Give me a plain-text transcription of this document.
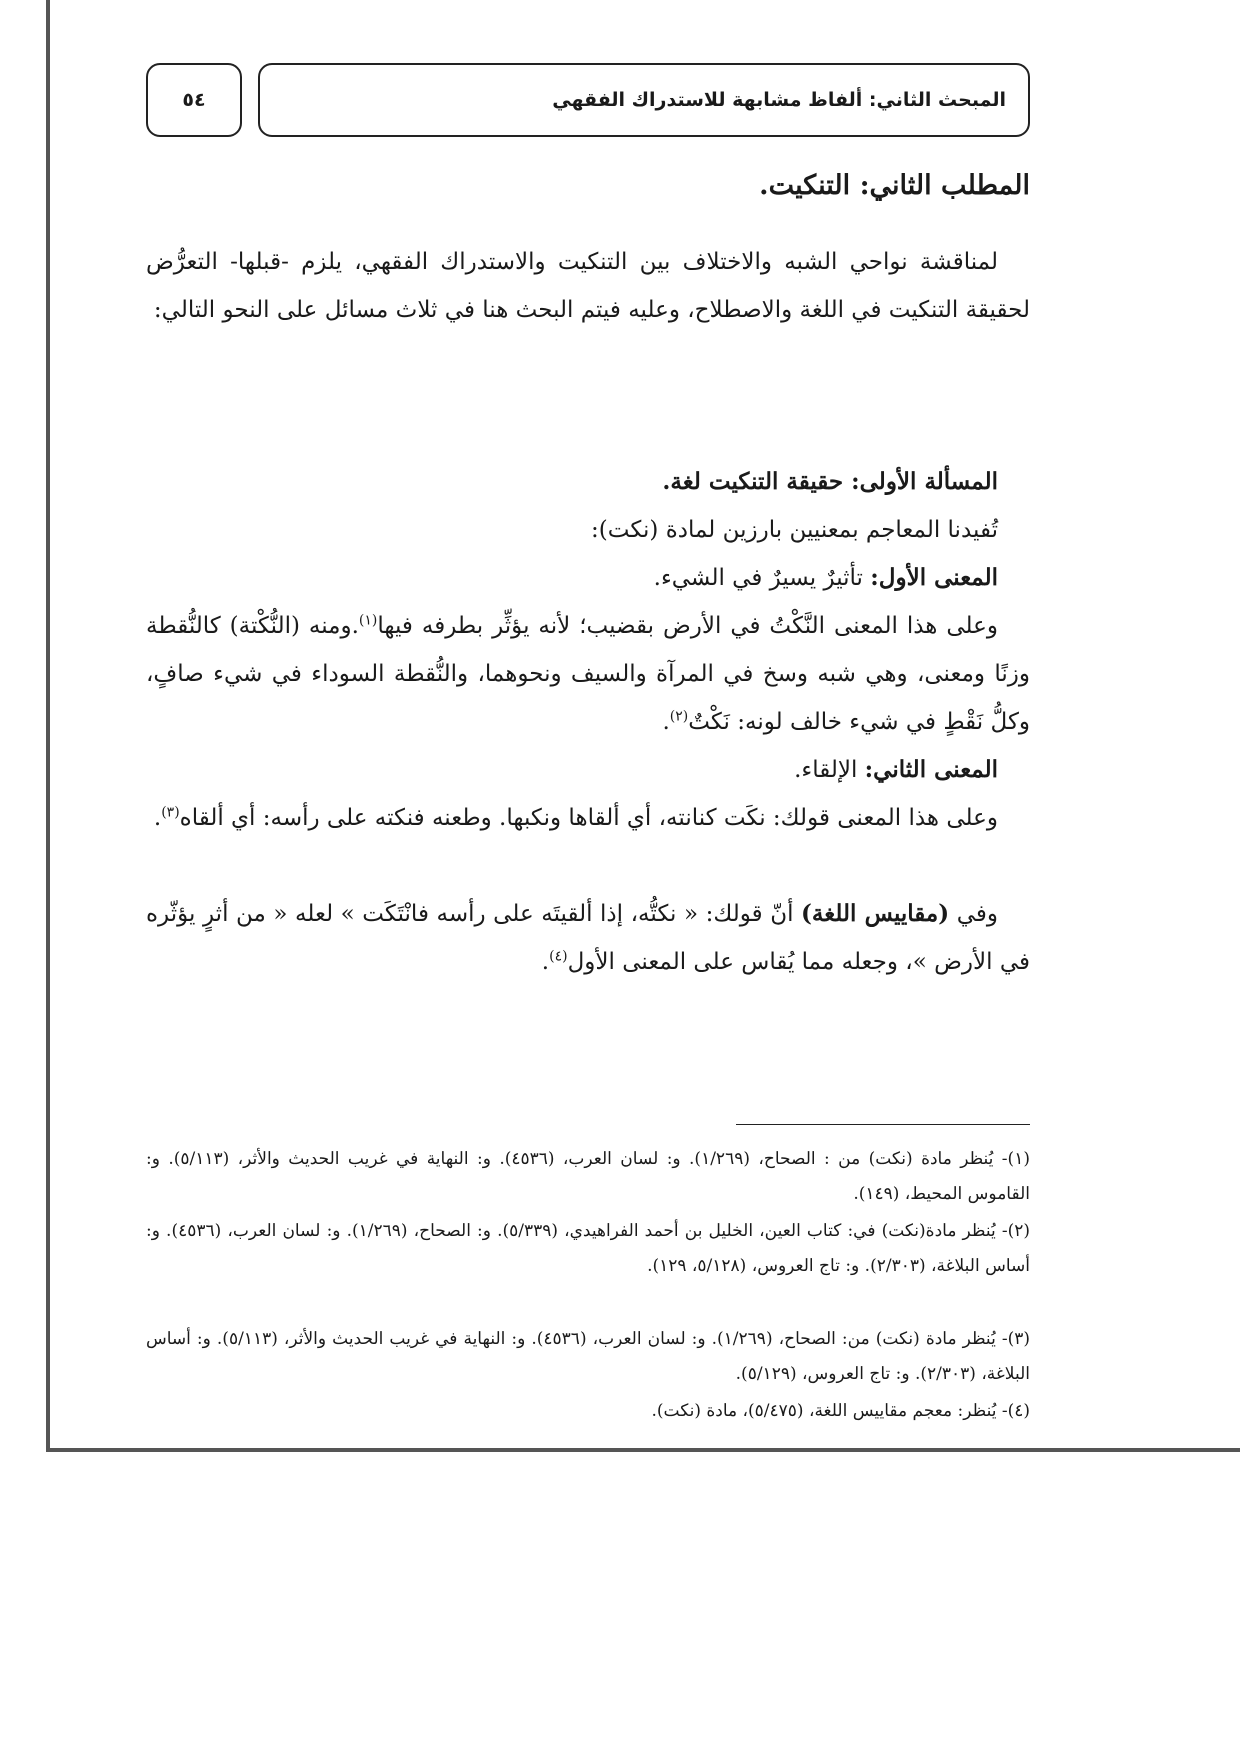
المبحث الثاني: ألفاظ مشابهة للاستدراك الفقهي
٥٤
المطلب الثاني: التنكيت.

لمناقشة نواحي الشبه والاختلاف بين التنكيت والاستدراك الفقهي، يلزم -قبلها- التعرُّض لحقيقة التنكيت في اللغة والاصطلاح، وعليه فيتم البحث هنا في ثلاث مسائل على النحو التالي:

المسألة الأولى: حقيقة التنكيت لغة.

تُفيدنا المعاجم بمعنيين بارزين لمادة (نكت):

المعنى الأول: تأثيرٌ يسيرٌ في الشيء.

وعلى هذا المعنى النَّكْتُ في الأرض بقضيب؛ لأنه يؤثِّر بطرفه فيها$^{(١)}$.ومنه (النُّكْتة) كالنُّقطة وزنًا ومعنى، وهي شبه وسخ في المرآة والسيف ونحوهما، والنُّقطة السوداء في شيء صافٍ، وكلُّ نَقْطٍ في شيء خالف لونه: نَكْتٌ$^{(٢)}$.

المعنى الثاني: الإلقاء.

وعلى هذا المعنى قولك: نكَت كنانته، أي ألقاها ونكبها. وطعنه فنكته على رأسه: أي ألقاه$^{(٣)}$.

وفي (مقاييس اللغة) أنّ قولك: « نكتُّه، إذا ألقيتَه على رأسه فانْتَكَت » لعله « من أثرٍ يؤثّره في الأرض »، وجعله مما يُقاس على المعنى الأول$^{(٤)}$.

(١)- يُنظر مادة (نكت) من : الصحاح، (١/٢٦٩). و: لسان العرب، (٤٥٣٦). و: النهاية في غريب الحديث والأثر، (٥/١١٣). و: القاموس المحيط، (١٤٩).

(٢)- يُنظر مادة(نكت) في: كتاب العين، الخليل بن أحمد الفراهيدي، (٥/٣٣٩). و: الصحاح، (١/٢٦٩). و: لسان العرب، (٤٥٣٦). و: أساس البلاغة، (٢/٣٠٣). و: تاج العروس، (٥/١٢٨، ١٢٩).

(٣)- يُنظر مادة (نكت) من: الصحاح، (١/٢٦٩). و: لسان العرب، (٤٥٣٦). و: النهاية في غريب الحديث والأثر، (٥/١١٣). و: أساس البلاغة، (٢/٣٠٣). و: تاج العروس، (٥/١٢٩).

(٤)- يُنظر: معجم مقاييس اللغة، (٥/٤٧٥)، مادة (نكت).
